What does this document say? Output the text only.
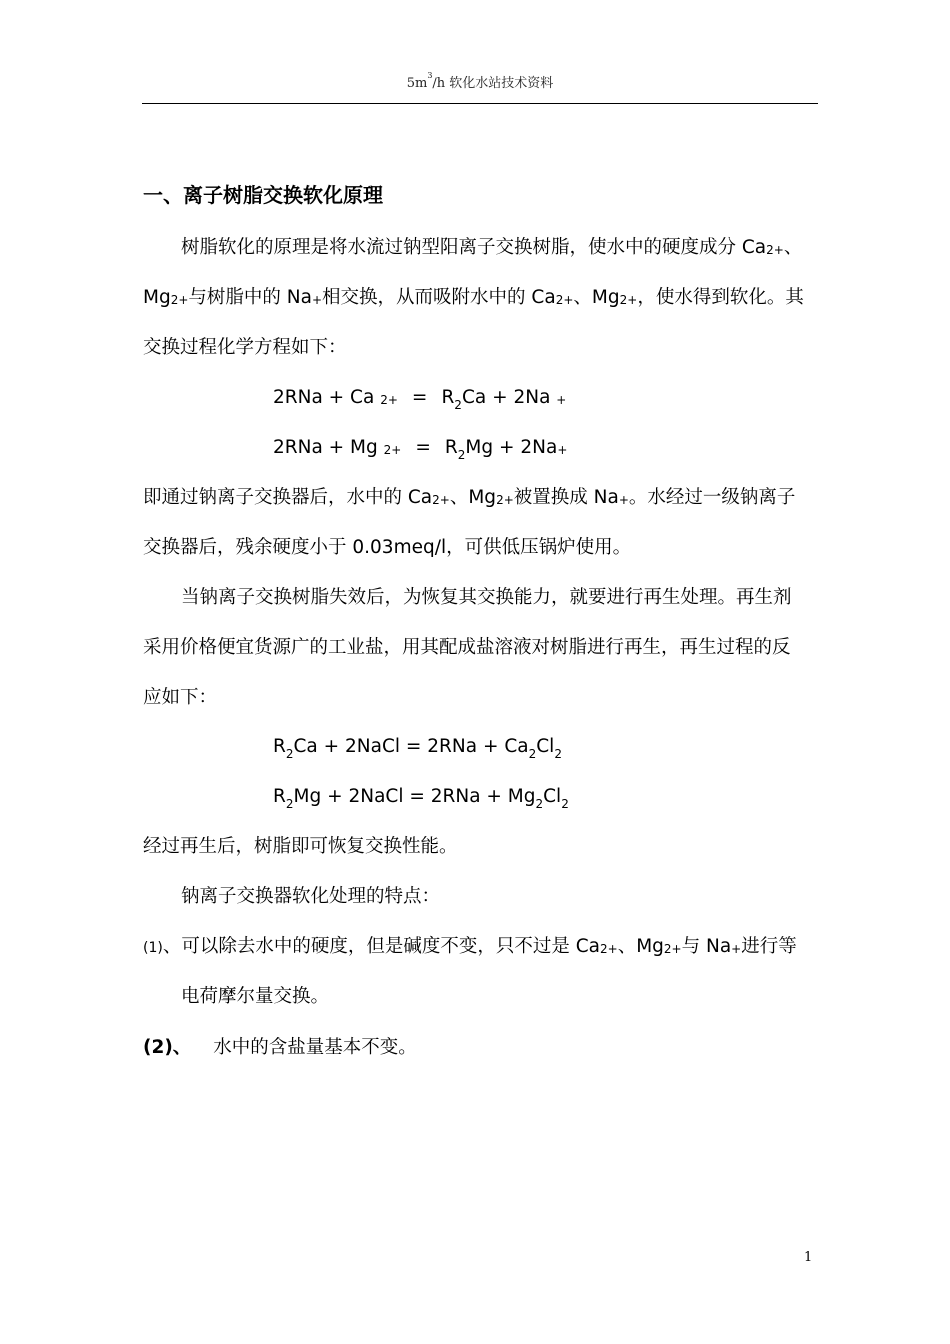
$5m^3/h$ 软化水站技术资料
一、离子树脂交换软化原理
树脂软化的原理是将水流过钠型阳离子交换树脂，使水中的硬度成分 Ca2+、
Mg2+与树脂中的 Na+相交换，从而吸附水中的 Ca2+、Mg2+，使水得到软化。其
交换过程化学方程如下：
2RNa + Ca $2+ = R_2Ca + 2Na$ +
2RNa + Mg $2+ = R_2Mg + 2Na+$
即通过钠离子交换器后，水中的 Ca2+、Mg2+被置换成 Na+。水经过一级钠离子
交换器后，残余硬度小于 0.03meq/l，可供低压锅炉使用。
当钠离子交换树脂失效后，为恢复其交换能力，就要进行再生处理。再生剂
采用价格便宜货源广的工业盐，用其配成盐溶液对树脂进行再生，再生过程的反
应如下：
$R_2Ca$ + 2NaCl = $2RNa + Ca_2Cl_2$
$R_2Mg$ + 2NaCl = $2RNa + Mg_2Cl_2$
经过再生后，树脂即可恢复交换性能。
钠离子交换器软化处理的特点：
(1)、可以除去水中的硬度，但是碱度不变，只不过是 Ca2+、Mg2+与 Na+进行等
电荷摩尔量交换。
(2)、 水中的含盐量基本不变。
1
